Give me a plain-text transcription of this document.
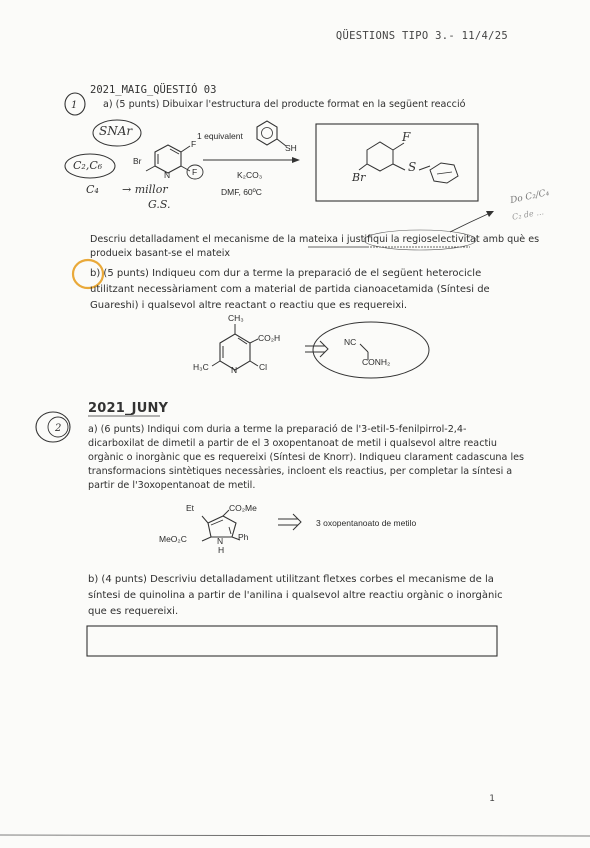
QÜESTIONS TIPO 3.- 11/4/25
2021_MAIG_QÜESTIÓ 03
a) (5 punts) Dibuixar l'estructura del producte format en la següent reacció
1
2
SNAr
C₂,C₆
C₄ → millor
G.S.	Do C₂/C₄
C₂ de ...
Br
N
F
F
1 equivalent
SH
K₂CO₃
DMF, 60ºC
F
Br
S
Descriu detalladament el mecanisme de la mateixa i justifiqui la regioselectivitat amb què es
produeix basant-se el mateix
b) (5 punts) Indiqueu com dur a terme la preparació de el següent heterocicle
utilitzant necessàriament com a material de partida cianoacetamida (Síntesi de
Guareshi) i qualsevol altre reactant o reactiu que es requereixi.
CH₃
CO₂H
H₃C	N	Cl
NC
CONH₂
2021_JUNY
a) (6 punts) Indiqui com duria a terme la preparació de l'3-etil-5-fenilpirrol-2,4-
dicarboxilat de dimetil a partir de el 3 oxopentanoat de metil i qualsevol altre reactiu
orgànic o inorgànic que es requereixi (Síntesi de Knorr). Indiqueu clarament cadascuna les
transformacions sintètiques necessàries, incloent els reactius, per completar la síntesi a
partir de l'3oxopentanoat de metil.
Et	CO₂Me
MeO₂C	N
H
Ph
3 oxopentanoato de metilo
b) (4 punts) Descriviu detalladament utilitzant fletxes corbes el mecanisme de la
síntesi de quinolina a partir de l'anilina i qualsevol altre reactiu orgànic o inorgànic
que es requereixi.
1
